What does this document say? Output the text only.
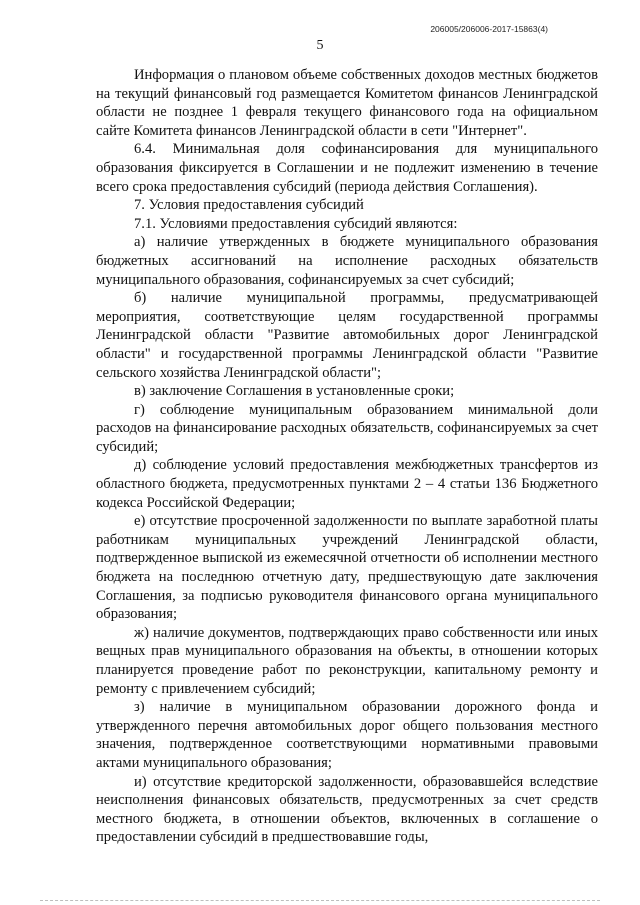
206005/206006-2017-15863(4)
5

Информация о плановом объеме собственных доходов местных бюджетов на текущий финансовый год размещается Комитетом финансов Ленинградской области не позднее 1 февраля текущего финансового года на официальном сайте Комитета финансов Ленинградской области в сети "Интернет".

6.4. Минимальная доля софинансирования для муниципального образования фиксируется в Соглашении и не подлежит изменению в течение всего срока предоставления субсидий (периода действия Соглашения).

7. Условия предоставления субсидий

7.1. Условиями предоставления субсидий являются:

а) наличие утвержденных в бюджете муниципального образования бюджетных ассигнований на исполнение расходных обязательств муниципального образования, софинансируемых за счет субсидий;

б) наличие муниципальной программы, предусматривающей мероприятия, соответствующие целям государственной программы Ленинградской области "Развитие автомобильных дорог Ленинградской области" и государственной программы Ленинградской области "Развитие сельского хозяйства Ленинградской области";

в) заключение Соглашения в установленные сроки;

г) соблюдение муниципальным образованием минимальной доли расходов на финансирование расходных обязательств, софинансируемых за счет субсидий;

д) соблюдение условий предоставления межбюджетных трансфертов из областного бюджета, предусмотренных пунктами 2 – 4 статьи 136 Бюджетного кодекса Российской Федерации;

е) отсутствие просроченной задолженности по выплате заработной платы работникам муниципальных учреждений Ленинградской области, подтвержденное выпиской из ежемесячной отчетности об исполнении местного бюджета на последнюю отчетную дату, предшествующую дате заключения Соглашения, за подписью руководителя финансового органа муниципального образования;

ж) наличие документов, подтверждающих право собственности или иных вещных прав муниципального образования на объекты, в отношении которых планируется проведение работ по реконструкции, капитальному ремонту и ремонту с привлечением субсидий;

з) наличие в муниципальном образовании дорожного фонда и утвержденного перечня автомобильных дорог общего пользования местного значения, подтвержденное соответствующими нормативными правовыми актами муниципального образования;

и) отсутствие кредиторской задолженности, образовавшейся вследствие неисполнения финансовых обязательств, предусмотренных за счет средств местного бюджета, в отношении объектов, включенных в соглашение о предоставлении субсидий в предшествовавшие годы,
